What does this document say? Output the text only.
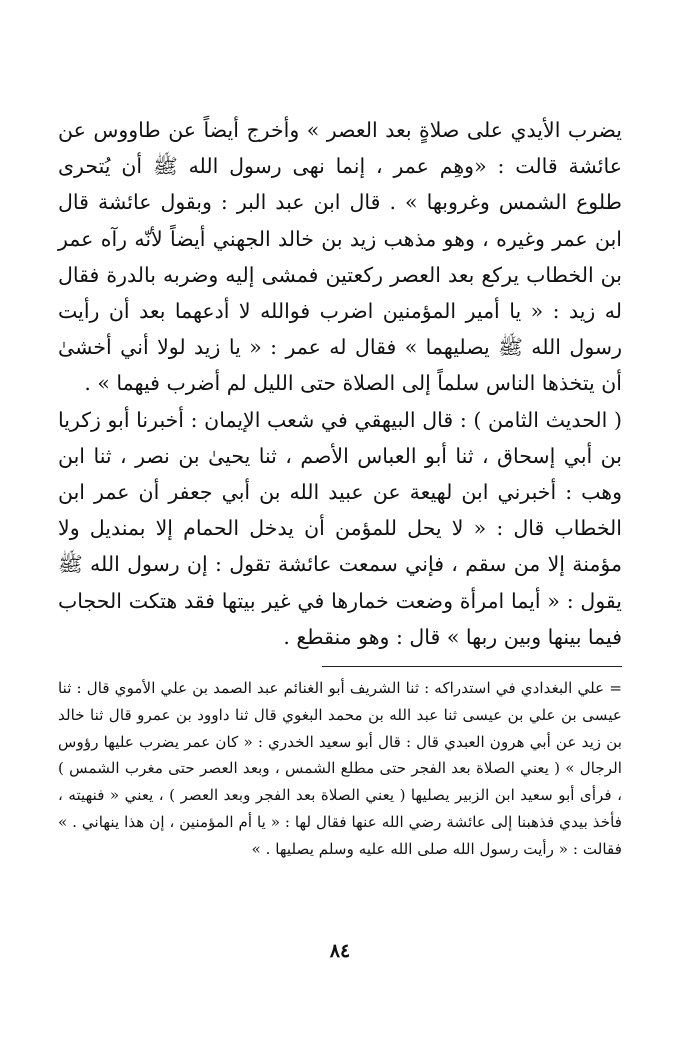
يضرب الأيدي على صلاةٍ بعد العصر » وأخرج أيضاً عن طاووس عن عائشة قالت : «وهِم عمر ، إنما نهى رسول الله ﷺ أن يُتحرى طلوع الشمس وغروبها » . قال ابن عبد البر : وبقول عائشة قال ابن عمر وغيره ، وهو مذهب زيد بن خالد الجهني أيضاً لأنّه رآه عمر بن الخطاب يركع بعد العصر ركعتين فمشى إليه وضربه بالدرة فقال له زيد : « يا أمير المؤمنين اضرب فوالله لا أدعهما بعد أن رأيت رسول الله ﷺ يصليهما » فقال له عمر : « يا زيد لولا أني أخشىٰ أن يتخذها الناس سلماً إلى الصلاة حتى الليل لم أضرب فيهما » .

( الحديث الثامن ) : قال البيهقي في شعب الإيمان : أخبرنا أبو زكريا بن أبي إسحاق ، ثنا أبو العباس الأصم ، ثنا يحيىٰ بن نصر ، ثنا ابن وهب : أخبرني ابن لهيعة عن عبيد الله بن أبي جعفر أن عمر ابن الخطاب قال : « لا يحل للمؤمن أن يدخل الحمام إلا بمنديل ولا مؤمنة إلا من سقم ، فإني سمعت عائشة تقول : إن رسول الله ﷺ يقول : « أيما امرأة وضعت خمارها في غير بيتها فقد هتكت الحجاب فيما بينها وبين ربها » قال : وهو منقطع .

= علي البغدادي في استدراكه : ثنا الشريف أبو الغنائم عبد الصمد بن علي الأموي قال : ثنا عيسى بن علي بن عيسى ثنا عبد الله بن محمد البغوي قال ثنا داوود بن عمرو قال ثنا خالد بن زيد عن أبي هرون العبدي قال : قال أبو سعيد الخدري : « كان عمر يضرب عليها رؤوس الرجال » ( يعني الصلاة بعد الفجر حتى مطلع الشمس ، وبعد العصر حتى مغرب الشمس ) ، فرأى أبو سعيد ابن الزبير يصليها ( يعني الصلاة بعد الفجر وبعد العصر ) ، يعني « فنهيته ، فأخذ بيدي فذهبنا إلى عائشة رضي الله عنها فقال لها : « يا أم المؤمنين ، إن هذا ينهاني . » فقالت : « رأيت رسول الله صلى الله عليه وسلم يصليها . »

٨٤
